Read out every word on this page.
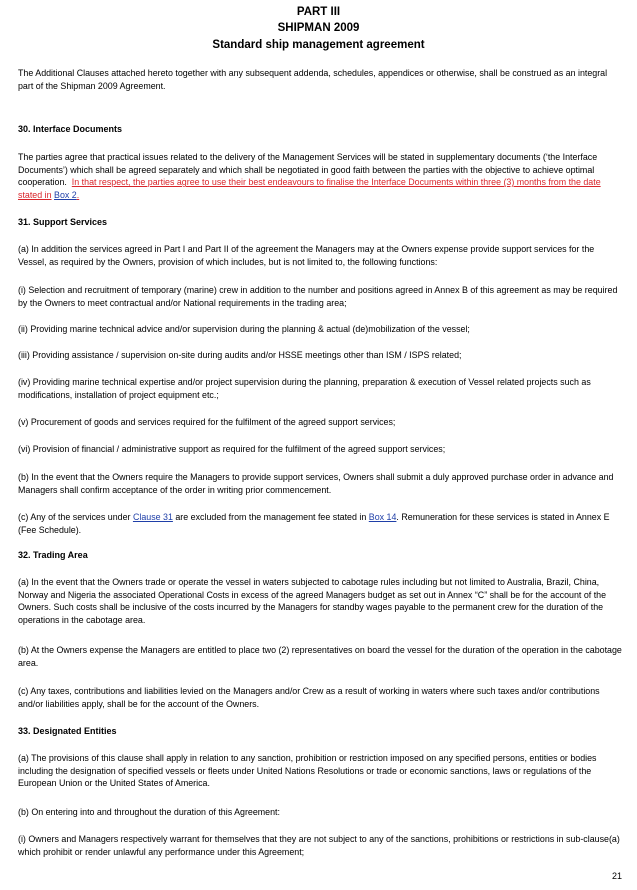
PART III
SHIPMAN 2009
Standard ship management agreement

The Additional Clauses attached hereto together with any subsequent addenda, schedules, appendices or otherwise, shall be construed as an integral part of the Shipman 2009 Agreement.

30. Interface Documents

The parties agree that practical issues related to the delivery of the Management Services will be stated in supplementary documents (‘the Interface Documents’) which shall be agreed separately and which shall be negotiated in good faith between the parties with the objective to achieve optimal cooperation. In that respect, the parties agree to use their best endeavours to finalise the Interface Documents within three (3) months from the date stated in Box 2.

31. Support Services

(a) In addition the services agreed in Part I and Part II of the agreement the Managers may at the Owners expense provide support services for the Vessel, as required by the Owners, provision of which includes, but is not limited to, the following functions:

(i) Selection and recruitment of temporary (marine) crew in addition to the number and positions agreed in Annex B of this agreement as may be required by the Owners to meet contractual and/or National requirements in the trading area;

(ii) Providing marine technical advice and/or supervision during the planning & actual (de)mobilization of the vessel;

(iii) Providing assistance / supervision on-site during audits and/or HSSE meetings other than ISM / ISPS related;

(iv) Providing marine technical expertise and/or project supervision during the planning, preparation & execution of Vessel related projects such as modifications, installation of project equipment etc.;

(v) Procurement of goods and services required for the fulfilment of the agreed support services;

(vi) Provision of financial / administrative support as required for the fulfilment of the agreed support services;

(b) In the event that the Owners require the Managers to provide support services, Owners shall submit a duly approved purchase order in advance and Managers shall confirm acceptance of the order in writing prior commencement.

(c) Any of the services under Clause 31 are excluded from the management fee stated in Box 14. Remuneration for these services is stated in Annex E (Fee Schedule).

32. Trading Area

(a) In the event that the Owners trade or operate the vessel in waters subjected to cabotage rules including but not limited to Australia, Brazil, China, Norway and Nigeria the associated Operational Costs in excess of the agreed Managers budget as set out in Annex “C” shall be for the account of the Owners. Such costs shall be inclusive of the costs incurred by the Managers for standby wages payable to the permanent crew for the duration of the operations in the cabotage area.

(b) At the Owners expense the Managers are entitled to place two (2) representatives on board the vessel for the duration of the operation in the cabotage area.

(c) Any taxes, contributions and liabilities levied on the Managers and/or Crew as a result of working in waters where such taxes and/or contributions and/or liabilities apply, shall be for the account of the Owners.

33. Designated Entities

(a) The provisions of this clause shall apply in relation to any sanction, prohibition or restriction imposed on any specified persons, entities or bodies including the designation of specified vessels or fleets under United Nations Resolutions or trade or economic sanctions, laws or regulations of the European Union or the United States of America.

(b) On entering into and throughout the duration of this Agreement:

(i) Owners and Managers respectively warrant for themselves that they are not subject to any of the sanctions, prohibitions or restrictions in sub-clause(a) which prohibit or render unlawful any performance under this Agreement;

21
